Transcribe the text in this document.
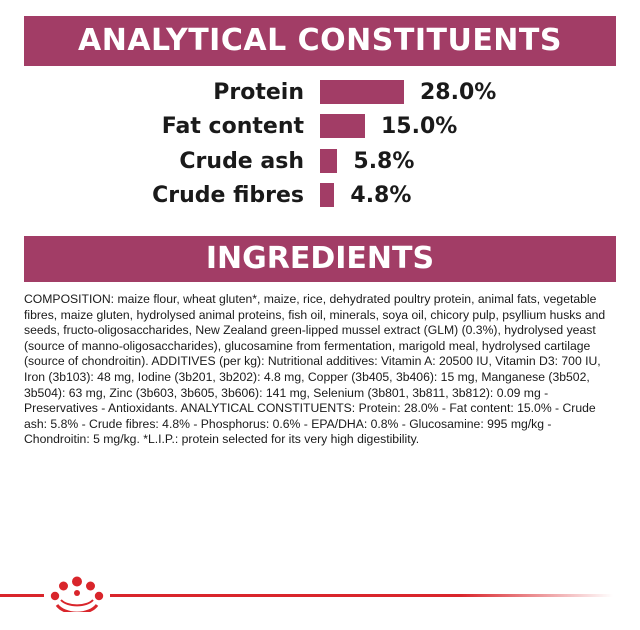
ANALYTICAL CONSTITUENTS
Protein	28.0%
Fat content	15.0%
Crude ash 5.8%
Crude fibres 4.8%
INGREDIENTS
COMPOSITION: maize flour, wheat gluten*, maize, rice, dehydrated poultry protein, animal fats, vegetable fibres, maize gluten, hydrolysed animal proteins, fish oil, minerals, soya oil, chicory pulp, psyllium husks and seeds, fructo-oligosaccharides, New Zealand green-lipped mussel extract (GLM) (0.3%), hydrolysed yeast (source of manno-oligosaccharides), glucosamine from fermentation, marigold meal, hydrolysed cartilage (source of chondroitin). ADDITIVES (per kg): Nutritional additives: Vitamin A: 20500 IU, Vitamin D3: 700 IU, Iron (3b103): 48 mg, Iodine (3b201, 3b202): 4.8 mg, Copper (3b405, 3b406): 15 mg, Manganese (3b502, 3b504): 63 mg, Zinc (3b603, 3b605, 3b606): 141 mg, Selenium (3b801, 3b811, 3b812): 0.09 mg - Preservatives - Antioxidants. ANALYTICAL CONSTITUENTS: Protein: 28.0% - Fat content: 15.0% - Crude ash: 5.8% - Crude fibres: 4.8% - Phosphorus: 0.6% - EPA/DHA: 0.8% - Glucosamine: 995 mg/kg - Chondroitin: 5 mg/kg. *L.I.P.: protein selected for its very high digestibility.
